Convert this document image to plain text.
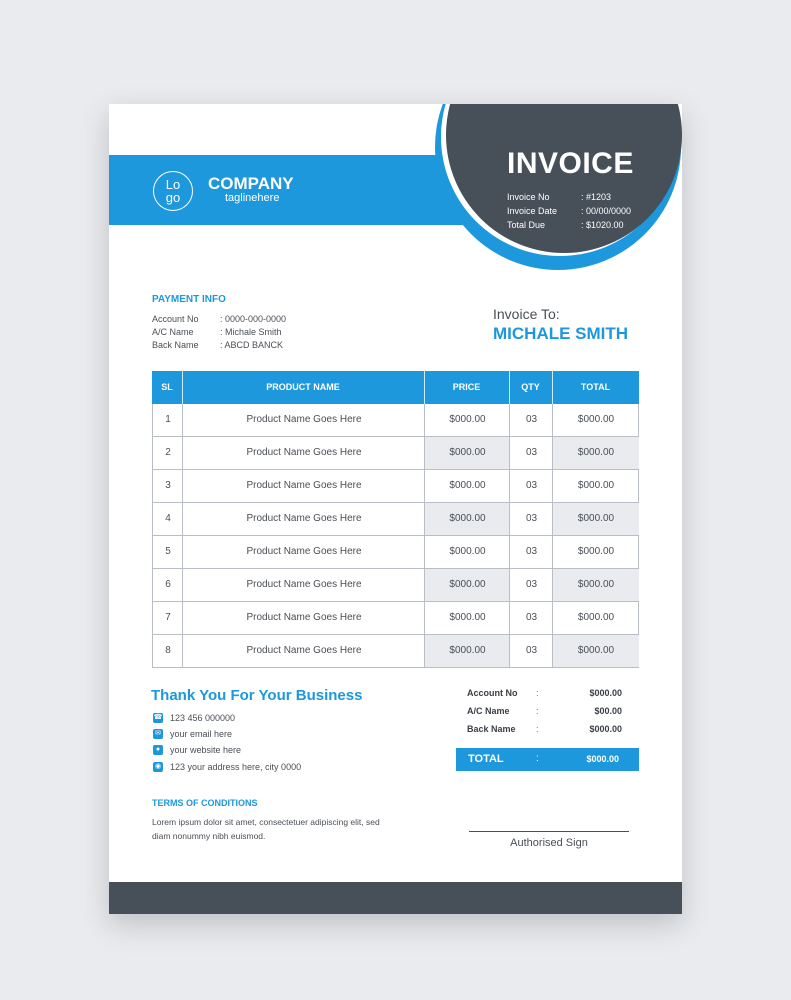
Lo
go
COMPANY
taglinehere
INVOICE
Invoice No	: #1203
Invoice Date	: 00/00/0000
Total Due	: $1020.00
PAYMENT INFO
Account No	: 0000-000-0000
A/C Name	: Michale Smith
Back Name	: ABCD BANCK
Invoice To:
MICHALE SMITH
SL	PRODUCT NAME	PRICE	QTY	TOTAL
1	Product Name Goes Here	$000.00	03	$000.00
2	Product Name Goes Here	$000.00	03	$000.00
3	Product Name Goes Here	$000.00	03	$000.00
4	Product Name Goes Here	$000.00	03	$000.00
5	Product Name Goes Here	$000.00	03	$000.00
6	Product Name Goes Here	$000.00	03	$000.00
7	Product Name Goes Here	$000.00	03	$000.00
8	Product Name Goes Here	$000.00	03	$000.00
Thank You For Your Business
☎ 123 456 000000
✉ your email here
●	your website here
◉ 123 your address here, city 0000
Account No :	$000.00
A/C Name	:	$00.00
Back Name :	$000.00
TOTAL	:	$000.00
TERMS OF CONDITIONS
Lorem ipsum dolor sit amet, consectetuer adipiscing elit, sed diam nonummy nibh euismod.
Authorised Sign
